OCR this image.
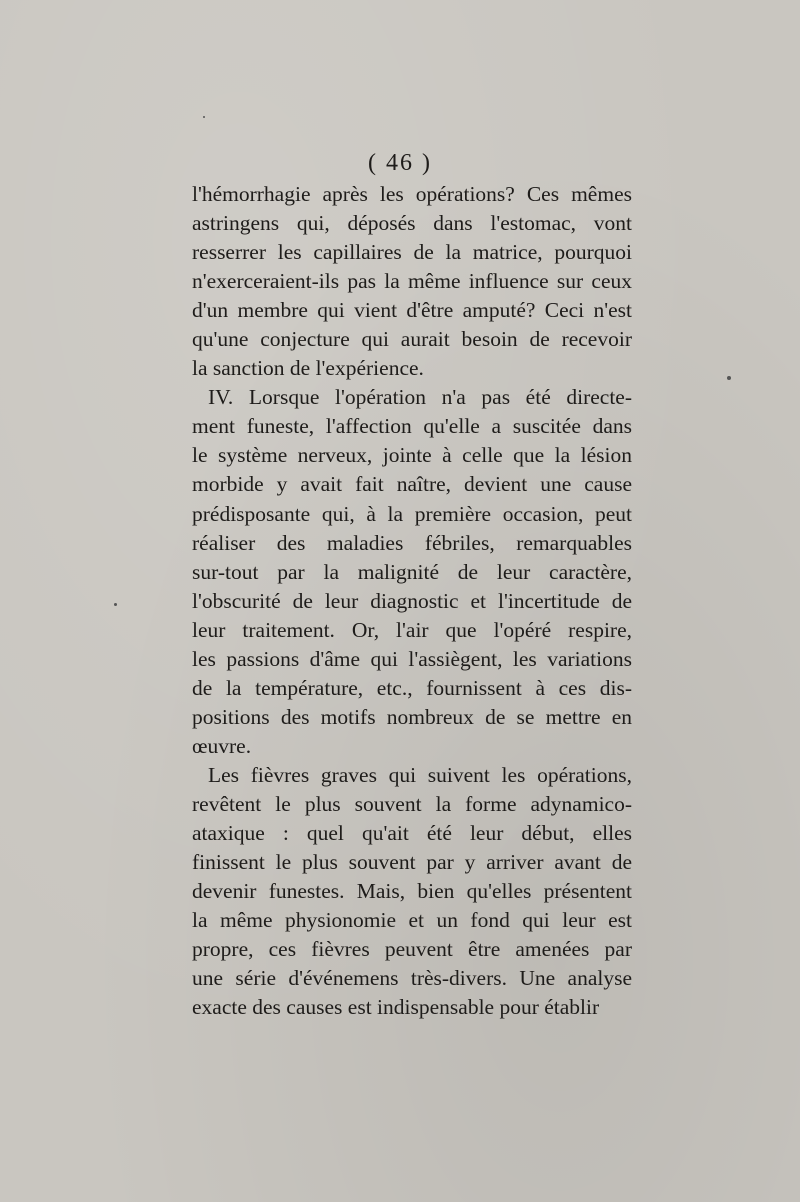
( 46 )
l'hémorrhagie après les opérations? Ces mêmes
astringens qui, déposés dans l'estomac, vont
resserrer les capillaires de la matrice, pourquoi
n'exerceraient-ils pas la même influence sur ceux
d'un membre qui vient d'être amputé? Ceci n'est
qu'une conjecture qui aurait besoin de recevoir
la sanction de l'expérience.
IV. Lorsque l'opération n'a pas été directe-
ment funeste, l'affection qu'elle a suscitée dans
le système nerveux, jointe à celle que la lésion
morbide y avait fait naître, devient une cause
prédisposante qui, à la première occasion, peut
réaliser des maladies fébriles, remarquables
sur-tout par la malignité de leur caractère,
l'obscurité de leur diagnostic et l'incertitude de
leur traitement. Or, l'air que l'opéré respire,
les passions d'âme qui l'assiègent, les variations
de la température, etc., fournissent à ces dis-
positions des motifs nombreux de se mettre en
œuvre.
Les fièvres graves qui suivent les opérations,
revêtent le plus souvent la forme adynamico-
ataxique : quel qu'ait été leur début, elles
finissent le plus souvent par y arriver avant de
devenir funestes. Mais, bien qu'elles présentent
la même physionomie et un fond qui leur est
propre, ces fièvres peuvent être amenées par
une série d'événemens très-divers. Une analyse
exacte des causes est indispensable pour établir
